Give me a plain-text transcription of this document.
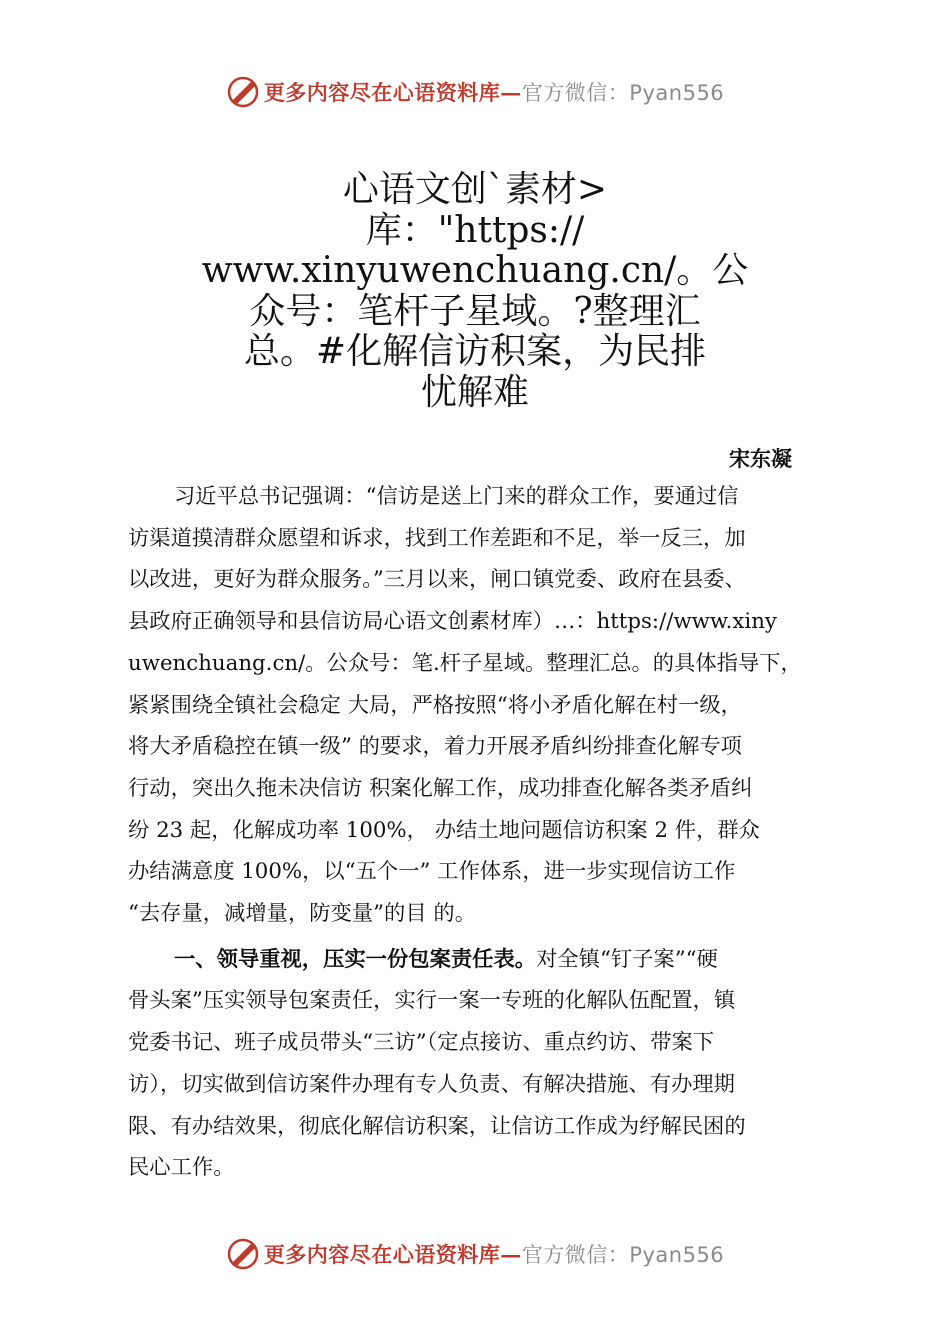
更多内容尽在心语资料库—官方微信：Pyan556
心语文创`素材>
库："https://
www.xinyuwenchuang.cn/。公
众号：笔杆子星域。?整理汇
总。#化解信访积案，为民排
忧解难
宋东凝
习近平总书记强调：“信访是送上门来的群众工作，要通过信
访渠道摸清群众愿望和诉求，找到工作差距和不足，举一反三，加
以改进，更好为群众服务。”三月以来，闸口镇党委、政府在县委、
县政府正确领导和县信访局心语文创素材库）…：https://www.xiny
uwenchuang.cn/。公众号：笔.杆子星域。整理汇总。的具体指导下，
紧紧围绕全镇社会稳定 大局，严格按照“将小矛盾化解在村一级，
将大矛盾稳控在镇一级” 的要求，着力开展矛盾纠纷排查化解专项
行动，突出久拖未决信访 积案化解工作，成功排查化解各类矛盾纠
纷 23 起，化解成功率 100%， 办结土地问题信访积案 2 件，群众
办结满意度 100%，以“五个一” 工作体系，进一步实现信访工作
“去存量，减增量，防变量”的目 的。
一、领导重视，压实一份包案责任表。对全镇“钉子案”“硬
骨头案”压实领导包案责任，实行一案一专班的化解队伍配置，镇
党委书记、班子成员带头“三访”（定点接访、重点约访、带案下
访），切实做到信访案件办理有专人负责、有解决措施、有办理期
限、有办结效果，彻底化解信访积案，让信访工作成为纾解民困的
民心工作。
更多内容尽在心语资料库—官方微信：Pyan556
